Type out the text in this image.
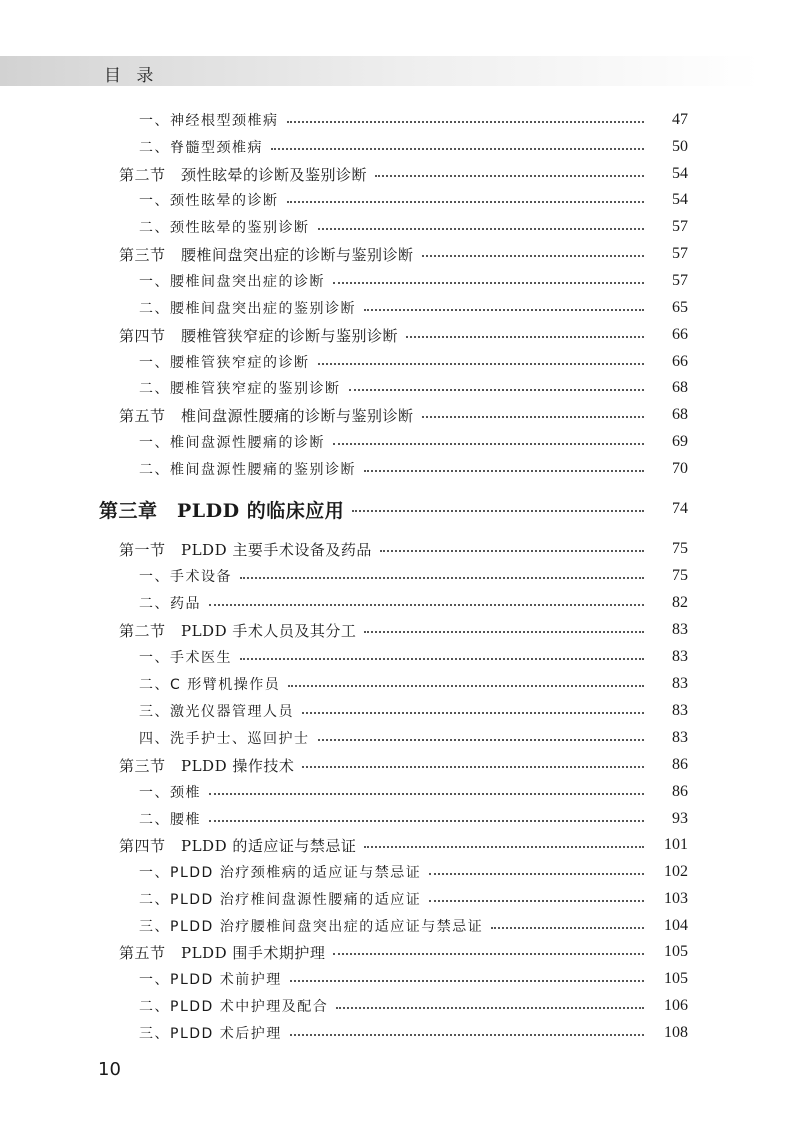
目 录
一、神经根型颈椎病	47
二、脊髓型颈椎病	50
第二节　颈性眩晕的诊断及鉴别诊断	54
一、颈性眩晕的诊断	54
二、颈性眩晕的鉴别诊断	57
第三节　腰椎间盘突出症的诊断与鉴别诊断	57
一、腰椎间盘突出症的诊断	57
二、腰椎间盘突出症的鉴别诊断	65
第四节　腰椎管狭窄症的诊断与鉴别诊断	66
一、腰椎管狭窄症的诊断	66
二、腰椎管狭窄症的鉴别诊断	68
第五节　椎间盘源性腰痛的诊断与鉴别诊断	68
一、椎间盘源性腰痛的诊断	69
二、椎间盘源性腰痛的鉴别诊断	70
第三章　PLDD 的临床应用	74
第一节　PLDD 主要手术设备及药品	75
一、手术设备	75
二、药品	82
第二节　PLDD 手术人员及其分工	83
一、手术医生	83
二、C 形臂机操作员	83
三、激光仪器管理人员	83
四、洗手护士、巡回护士	83
第三节　PLDD 操作技术	86
一、颈椎	86
二、腰椎	93
第四节　PLDD 的适应证与禁忌证	101
一、PLDD 治疗颈椎病的适应证与禁忌证	102
二、PLDD 治疗椎间盘源性腰痛的适应证	103
三、PLDD 治疗腰椎间盘突出症的适应证与禁忌证	104
第五节　PLDD 围手术期护理	105
一、PLDD 术前护理	105
二、PLDD 术中护理及配合	106
三、PLDD 术后护理	108
10
